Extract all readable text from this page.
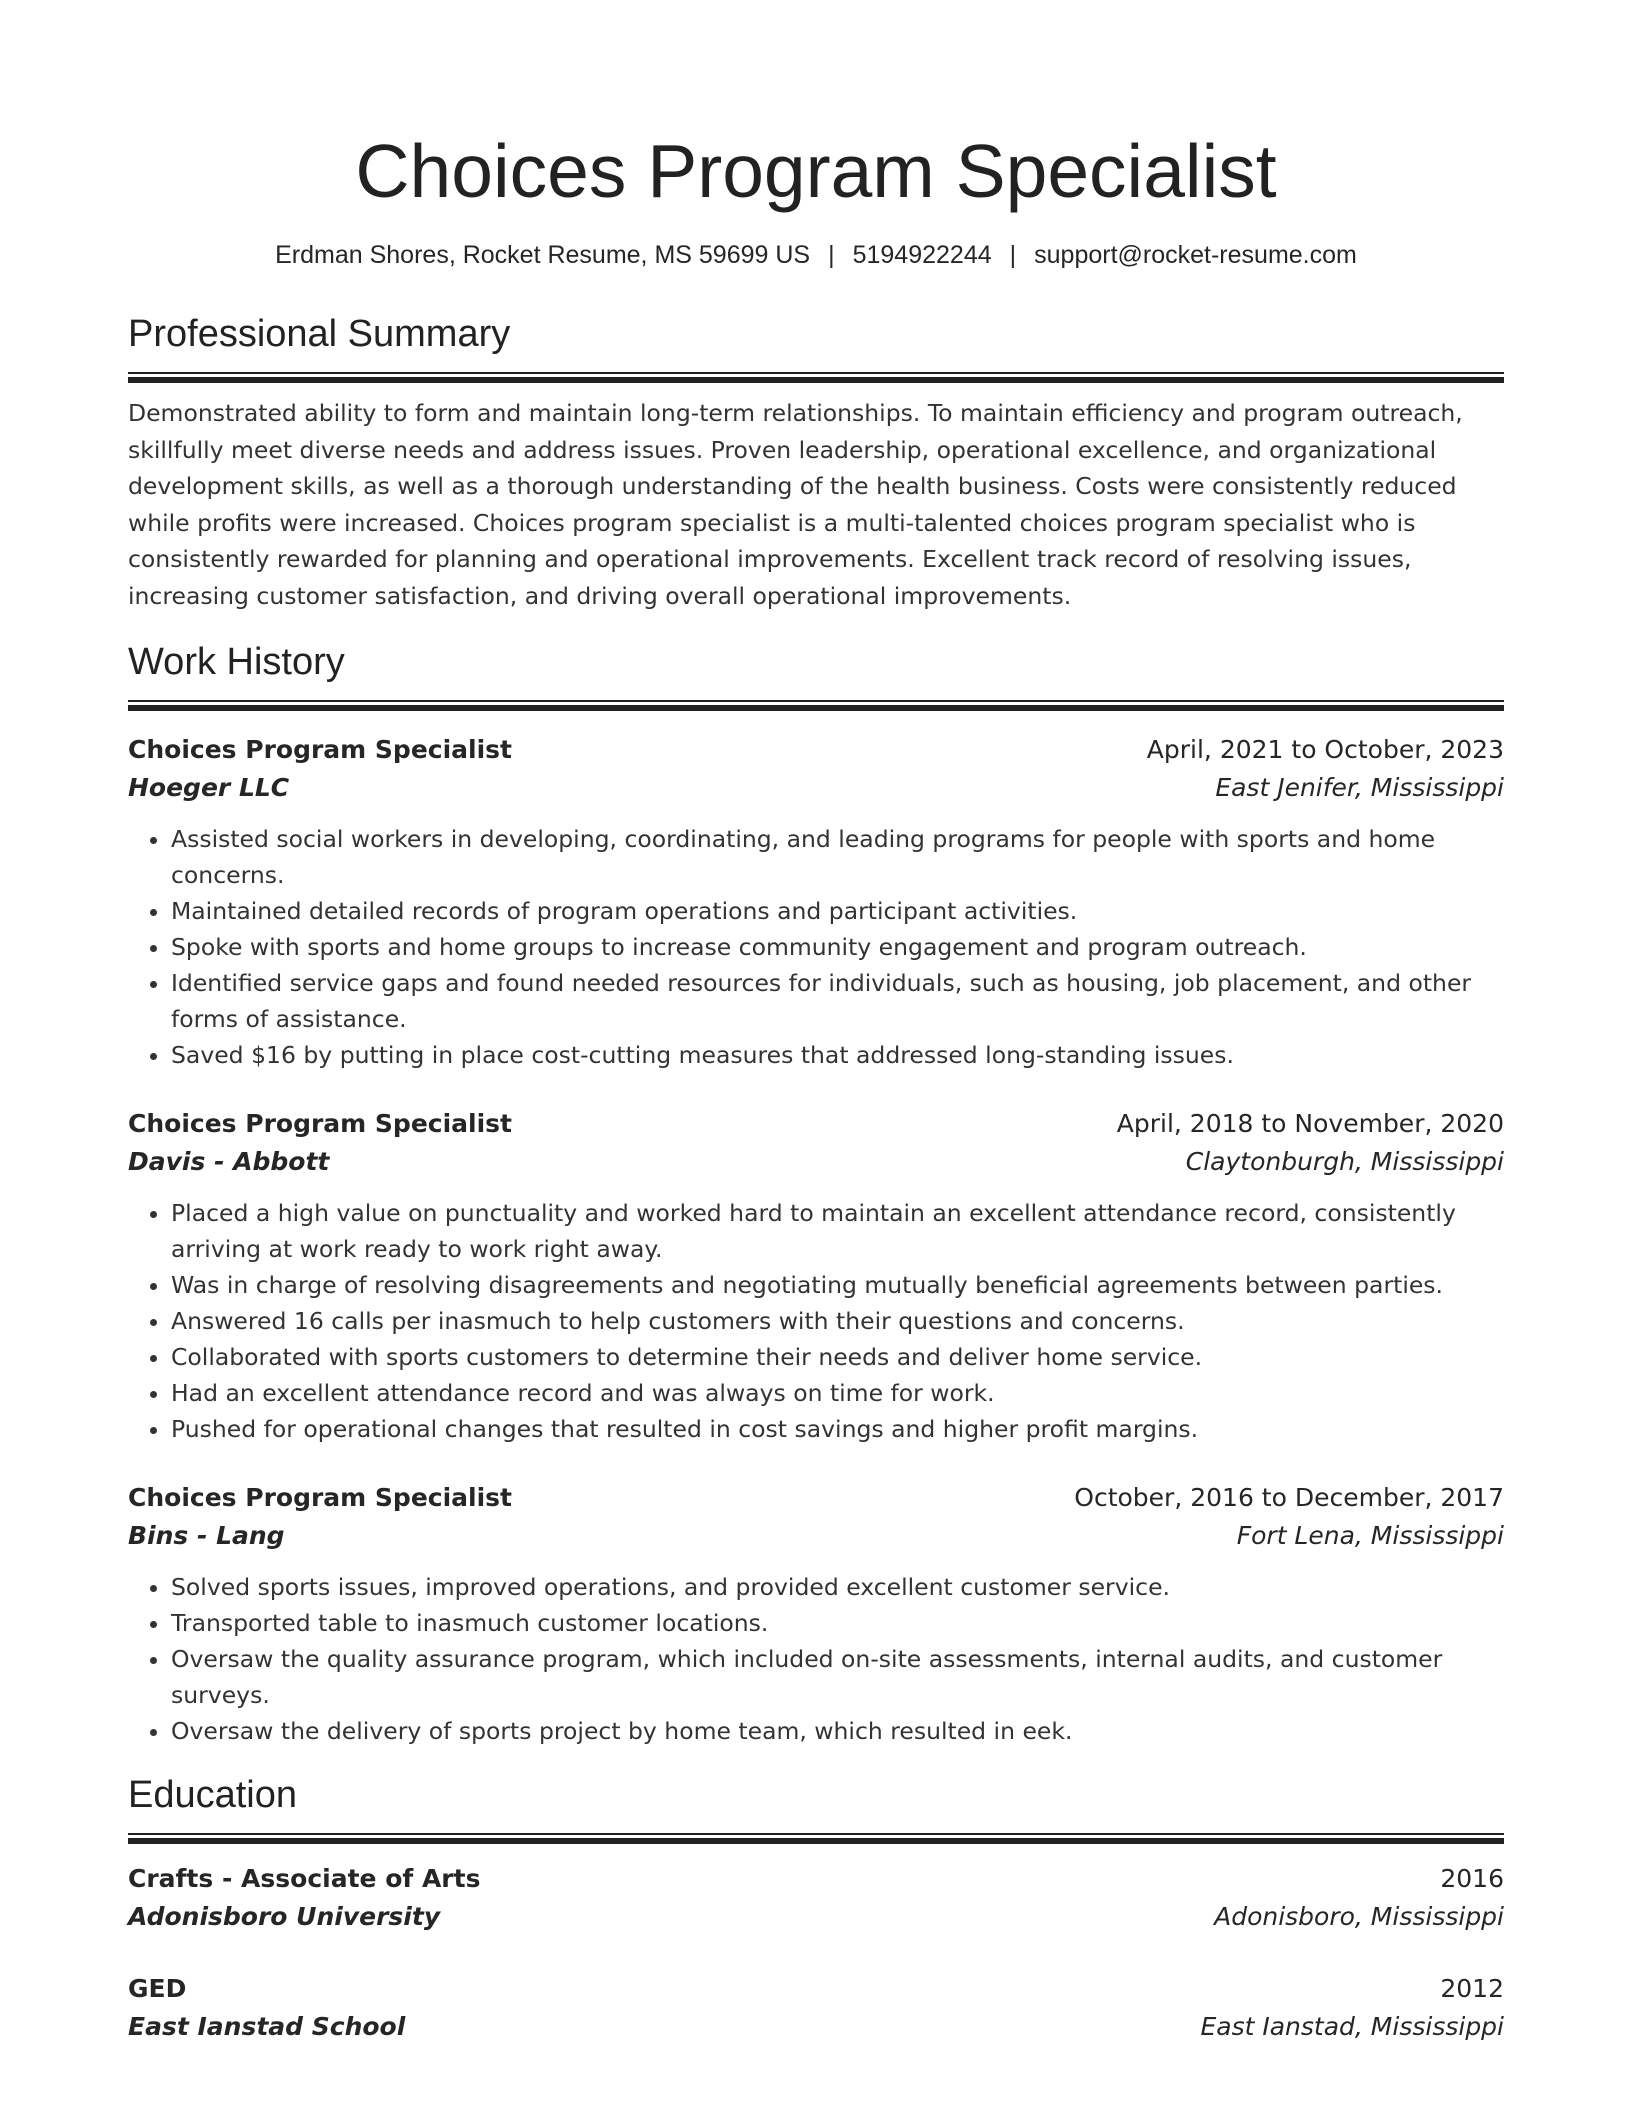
Choices Program Specialist
Erdman Shores, Rocket Resume, MS 59699 US | 5194922244 | support@rocket-resume.com
Professional Summary
Demonstrated ability to form and maintain long-term relationships. To maintain efficiency and program outreach, skillfully meet diverse needs and address issues. Proven leadership, operational excellence, and organizational development skills, as well as a thorough understanding of the health business. Costs were consistently reduced while profits were increased. Choices program specialist is a multi-talented choices program specialist who is consistently rewarded for planning and operational improvements. Excellent track record of resolving issues, increasing customer satisfaction, and driving overall operational improvements.
Work History
Choices Program Specialist	April, 2021 to October, 2023
Hoeger LLC	East Jenifer, Mississippi
• Assisted social workers in developing, coordinating, and leading programs for people with sports and home concerns.
• Maintained detailed records of program operations and participant activities.
• Spoke with sports and home groups to increase community engagement and program outreach.
• Identified service gaps and found needed resources for individuals, such as housing, job placement, and other forms of assistance.
• Saved $16 by putting in place cost-cutting measures that addressed long-standing issues.
Choices Program Specialist	April, 2018 to November, 2020
Davis - Abbott	Claytonburgh, Mississippi
• Placed a high value on punctuality and worked hard to maintain an excellent attendance record, consistently arriving at work ready to work right away.
• Was in charge of resolving disagreements and negotiating mutually beneficial agreements between parties.
• Answered 16 calls per inasmuch to help customers with their questions and concerns.
• Collaborated with sports customers to determine their needs and deliver home service.
• Had an excellent attendance record and was always on time for work.
• Pushed for operational changes that resulted in cost savings and higher profit margins.
Choices Program Specialist	October, 2016 to December, 2017
Bins - Lang	Fort Lena, Mississippi
• Solved sports issues, improved operations, and provided excellent customer service.
• Transported table to inasmuch customer locations.
• Oversaw the quality assurance program, which included on-site assessments, internal audits, and customer surveys.
• Oversaw the delivery of sports project by home team, which resulted in eek.
Education
Crafts - Associate of Arts	2016
Adonisboro University	Adonisboro, Mississippi
GED	2012
East Ianstad School	East Ianstad, Mississippi
